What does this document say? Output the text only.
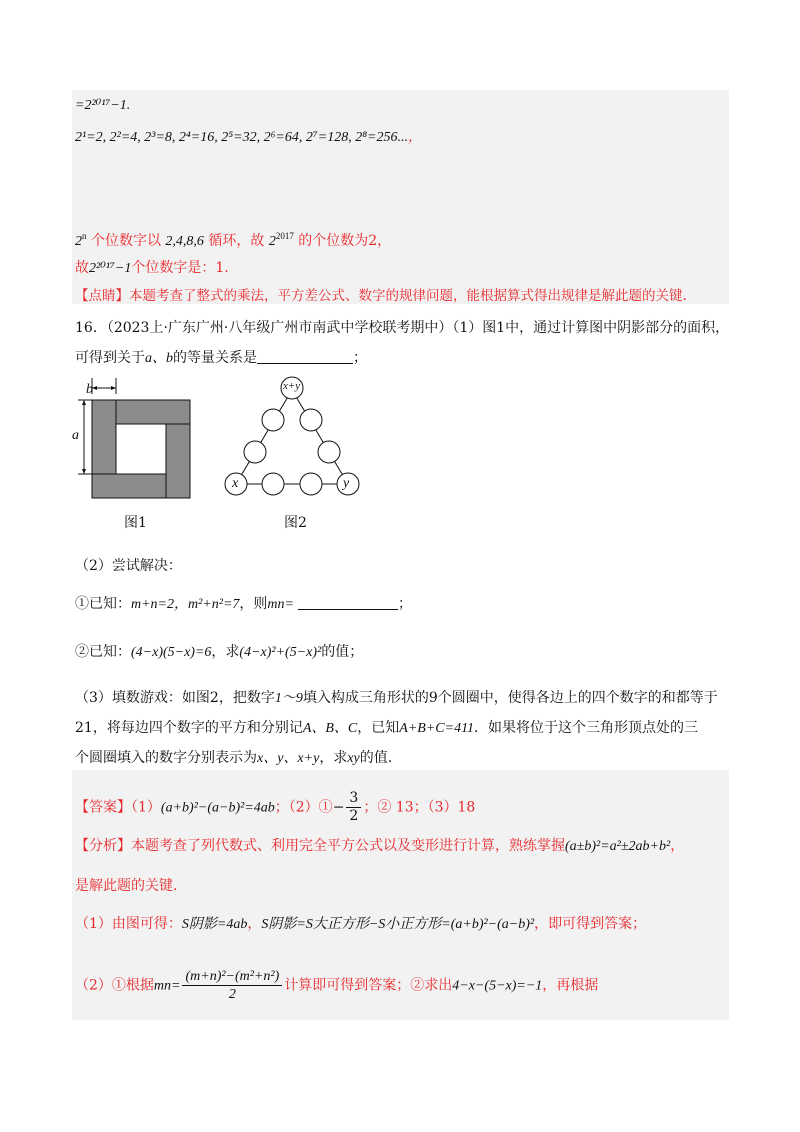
=2²⁰¹⁷−1.
2¹=2, 2²=4, 2³=8, 2⁴=16, 2⁵=32, 2⁶=64, 2⁷=128, 2⁸=256...，
2$^n$ 个位数字以 2,4,8,6 循环，故 $2^{2017}$ 的个位数为2，
故2²⁰¹⁷−1个位数字是：1.
【点睛】本题考查了整式的乘法，平方差公式、数字的规律问题，能根据算式得出规律是解此题的关键.
16．（2023上·广东广州·八年级广州市南武中学校联考期中）（1）图1中，通过计算图中阴影部分的面积，
可得到关于a、b的等量关系是	；
b
a
图1
x+y
x	y
图2
（2）尝试解决：
①已知：m+n=2，m²+n²=7，则mn=	；
②已知：(4−x)(5−x)=6，求(4−x)²+(5−x)²的值；
（3）填数游戏：如图2，把数字1～9填入构成三角形状的9个圆圈中，使得各边上的四个数字的和都等于
21，将每边四个数字的平方和分别记A、B、C，已知A+B+C=411．如果将位于这个三角形顶点处的三
个圆圈填入的数字分别表示为x、y、x+y，求xy的值.
【答案】（1）(a+b)²−(a−b)²=4ab；（2）①− $\frac{3}{2}$ ；② 13；（3）18
【分析】本题考查了列代数式、利用完全平方公式以及变形进行计算，熟练掌握(a±b)²=a²±2ab+b²，
是解此题的关键.
（1）由图可得：S阴影=4ab，S阴影=S大正方形−S小正方形=(a+b)²−(a−b)²，即可得到答案；
（2）①根据$mn= \frac{\text{(m+n)²−(m²+n²)}}{2}$ 计算即可得到答案；②求出4−x−(5−x)=−1，再根据
